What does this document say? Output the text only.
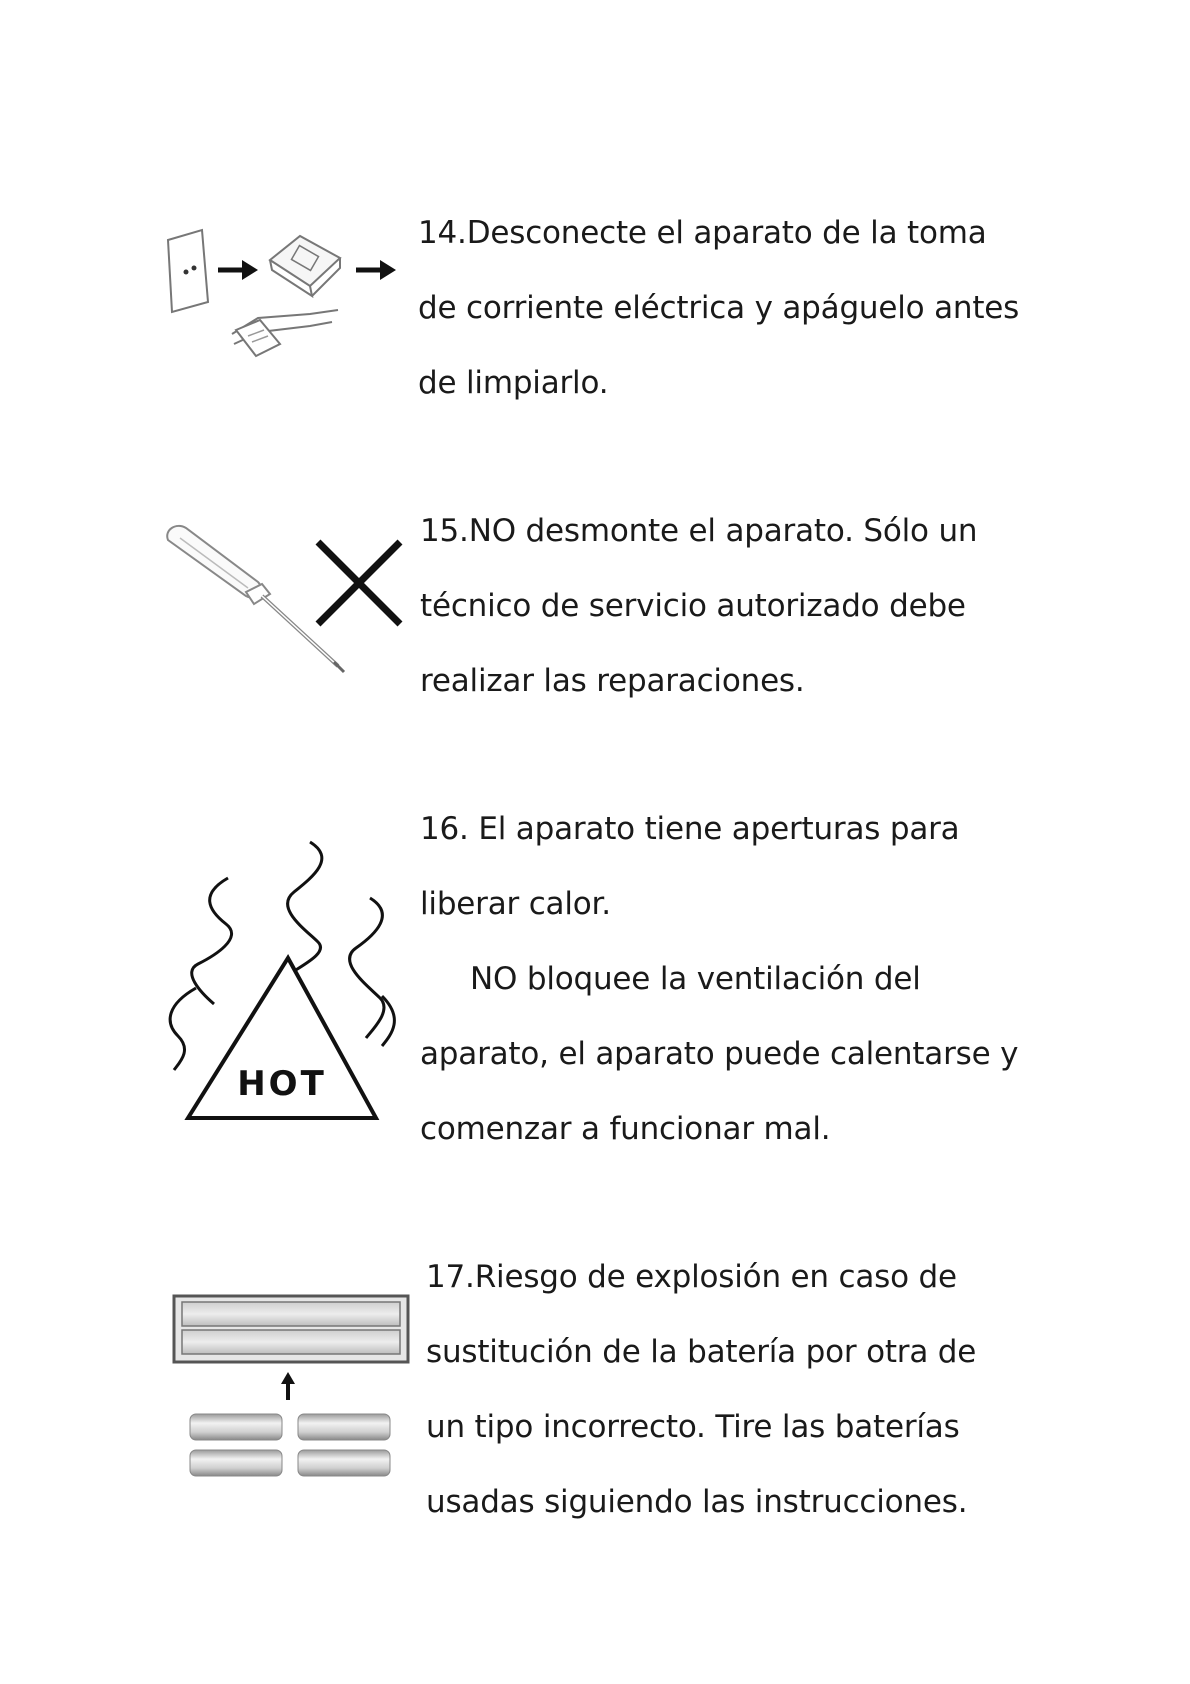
14.Desconecte el aparato de la toma

de corriente eléctrica y apáguelo antes

de limpiarlo.

15.NO desmonte el aparato. Sólo un

técnico de servicio autorizado debe

realizar las reparaciones.

HOT

16. El aparato tiene aperturas para

liberar calor.

NO bloquee la ventilación del

aparato, el aparato puede calentarse y

comenzar a funcionar mal.

17.Riesgo de explosión en caso de

sustitución de la batería por otra de

un tipo incorrecto. Tire las baterías

usadas siguiendo las instrucciones.
